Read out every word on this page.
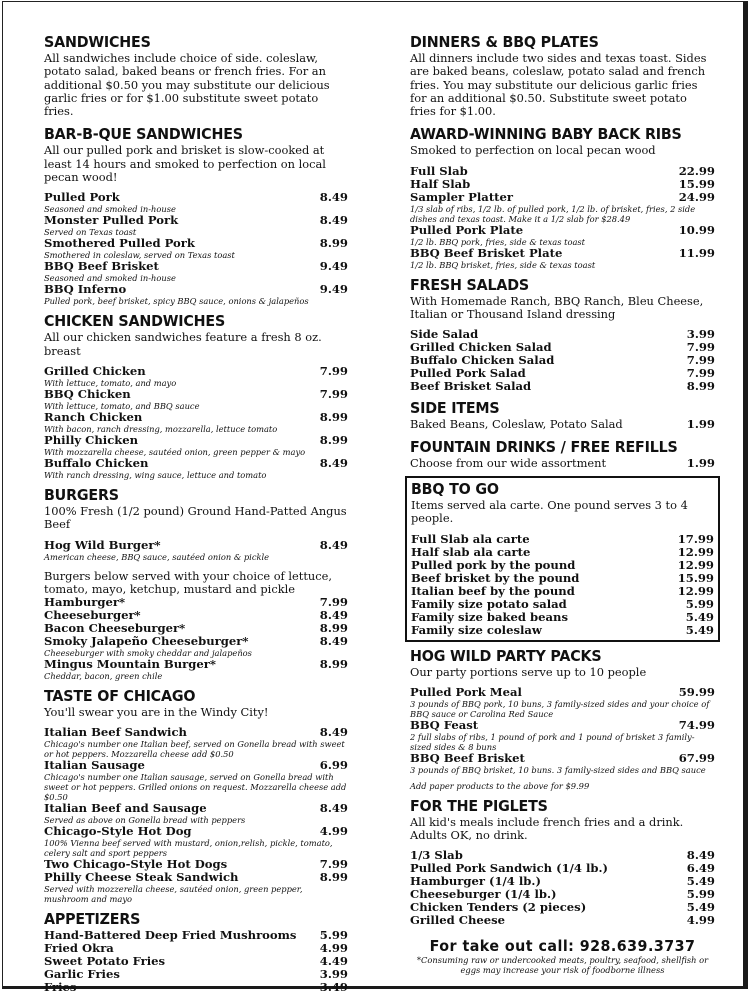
SANDWICHES
All sandwiches include choice of side. coleslaw, potato salad, baked beans or french fries. For an additional $0.50 you may substitute our delicious garlic fries or for $1.00 substitute sweet potato fries.
BAR-B-QUE SANDWICHES
All our pulled pork and brisket is slow-cooked at least 14 hours and smoked to perfection on local pecan wood!
Pulled Pork	8.49
Seasoned and smoked in-house
Monster Pulled Pork	8.49
Served on Texas toast
Smothered Pulled Pork	8.99
Smothered in coleslaw, served on Texas toast
BBQ Beef Brisket	9.49
Seasoned and smoked in-house
BBQ Inferno	9.49
Pulled pork, beef brisket, spicy BBQ sauce, onions & jalapeños
CHICKEN SANDWICHES
All our chicken sandwiches feature a fresh 8 oz. breast
Grilled Chicken	7.99
With lettuce, tomato, and mayo
BBQ Chicken	7.99
With lettuce, tomato, and BBQ sauce
Ranch Chicken	8.99
With bacon, ranch dressing, mozzarella, lettuce tomato
Philly Chicken	8.99
With mozzarella cheese, sautéed onion, green pepper & mayo
Buffalo Chicken	8.49
With ranch dressing, wing sauce, lettuce and tomato
BURGERS
100% Fresh (1/2 pound) Ground Hand-Patted Angus Beef
Hog Wild Burger*	8.49
American cheese, BBQ sauce, sautéed onion & pickle
Burgers below served with your choice of lettuce, tomato, mayo, ketchup, mustard and pickle
Hamburger*	7.99
Cheeseburger*	8.49
Bacon Cheeseburger*	8.99
Smoky Jalapeño Cheeseburger*	8.49
Cheeseburger with smoky cheddar and jalapeños
Mingus Mountain Burger*	8.99
Cheddar, bacon, green chile
TASTE OF CHICAGO
You'll swear you are in the Windy City!
Italian Beef Sandwich	8.49
Chicago's number one Italian beef, served on Gonella bread with sweet or hot peppers. Mozzarella cheese add $0.50
Italian Sausage	6.99
Chicago's number one Italian sausage, served on Gonella bread with sweet or hot peppers. Grilled onions on request. Mozzarella cheese add $0.50
Italian Beef and Sausage	8.49
Served as above on Gonella bread with peppers
Chicago-Style Hot Dog	4.99
100% Vienna beef served with mustard, onion,relish, pickle, tomato, celery salt and sport peppers
Two Chicago-Style Hot Dogs	7.99
Philly Cheese Steak Sandwich	8.99
Served with mozzerella cheese, sautéed onion, green pepper, mushroom and mayo
APPETIZERS
Hand-Battered Deep Fried Mushrooms 5.99
Fried Okra	4.99
Sweet Potato Fries	4.49
Garlic Fries	3.99
Fries	3.49
DINNERS & BBQ PLATES
All dinners include two sides and texas toast. Sides are baked beans, coleslaw, potato salad and french fries. You may substitute our delicious garlic fries for an additional $0.50. Substitute sweet potato fries for $1.00.
AWARD-WINNING BABY BACK RIBS
Smoked to perfection on local pecan wood
Full Slab	22.99
Half Slab	15.99
Sampler Platter	24.99
1/3 slab of ribs, 1/2 lb. of pulled pork, 1/2 lb. of brisket, fries, 2 side dishes and texas toast. Make it a 1/2 slab for $28.49
Pulled Pork Plate	10.99
1/2 lb. BBQ pork, fries, side & texas toast
BBQ Beef Brisket Plate	11.99
1/2 lb. BBQ brisket, fries, side & texas toast
FRESH SALADS
With Homemade Ranch, BBQ Ranch, Bleu Cheese, Italian or Thousand Island dressing
Side Salad	3.99
Grilled Chicken Salad	7.99
Buffalo Chicken Salad	7.99
Pulled Pork Salad	7.99
Beef Brisket Salad	8.99
SIDE ITEMS
Baked Beans, Coleslaw, Potato Salad	1.99
FOUNTAIN DRINKS / FREE REFILLS
Choose from our wide assortment	1.99
BBQ TO GO
Items served ala carte. One pound serves 3 to 4 people.
Full Slab ala carte	17.99
Half slab ala carte	12.99
Pulled pork by the pound	12.99
Beef brisket by the pound	15.99
Italian beef by the pound	12.99
Family size potato salad	5.99
Family size baked beans	5.49
Family size coleslaw	5.49
HOG WILD PARTY PACKS
Our party portions serve up to 10 people
Pulled Pork Meal	59.99
3 pounds of BBQ pork, 10 buns, 3 family-sized sides and your choice of BBQ sauce or Carolina Red Sauce
BBQ Feast	74.99
2 full slabs of ribs, 1 pound of pork and 1 pound of brisket 3 family-sized sides & 8 buns
BBQ Beef Brisket	67.99
3 pounds of BBQ brisket, 10 buns. 3 family-sized sides and BBQ sauce
Add paper products to the above for $9.99
FOR THE PIGLETS
All kid's meals include french fries and a drink. Adults OK, no drink.
1/3 Slab	8.49
Pulled Pork Sandwich (1/4 lb.)	6.49
Hamburger (1/4 lb.)	5.49
Cheeseburger (1/4 lb.)	5.99
Chicken Tenders (2 pieces)	5.49
Grilled Cheese	4.99
For take out call: 928.639.3737
*Consuming raw or undercooked meats, poultry, seafood, shellfish or eggs may increase your risk of foodborne illness
